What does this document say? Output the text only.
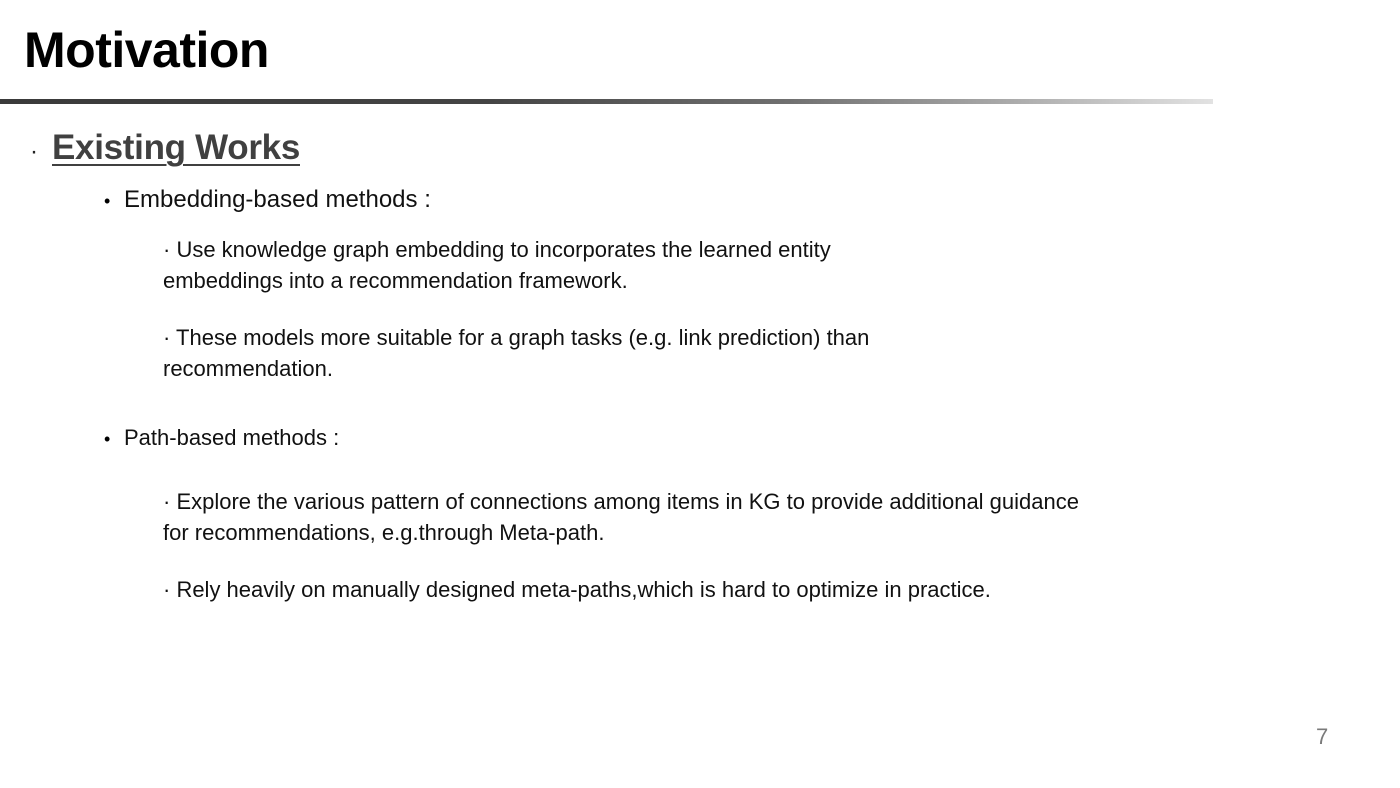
Motivation
· Existing Works
• Embedding-based methods :
· Use knowledge graph embedding to incorporates the learned entity
embeddings into a recommendation framework.
· These models more suitable for a graph tasks (e.g. link prediction) than
recommendation.
• Path-based methods :
· Explore the various pattern of connections among items in KG to provide additional guidance
for recommendations, e.g.through Meta-path.
· Rely heavily on manually designed meta-paths,which is hard to optimize in practice.
7
